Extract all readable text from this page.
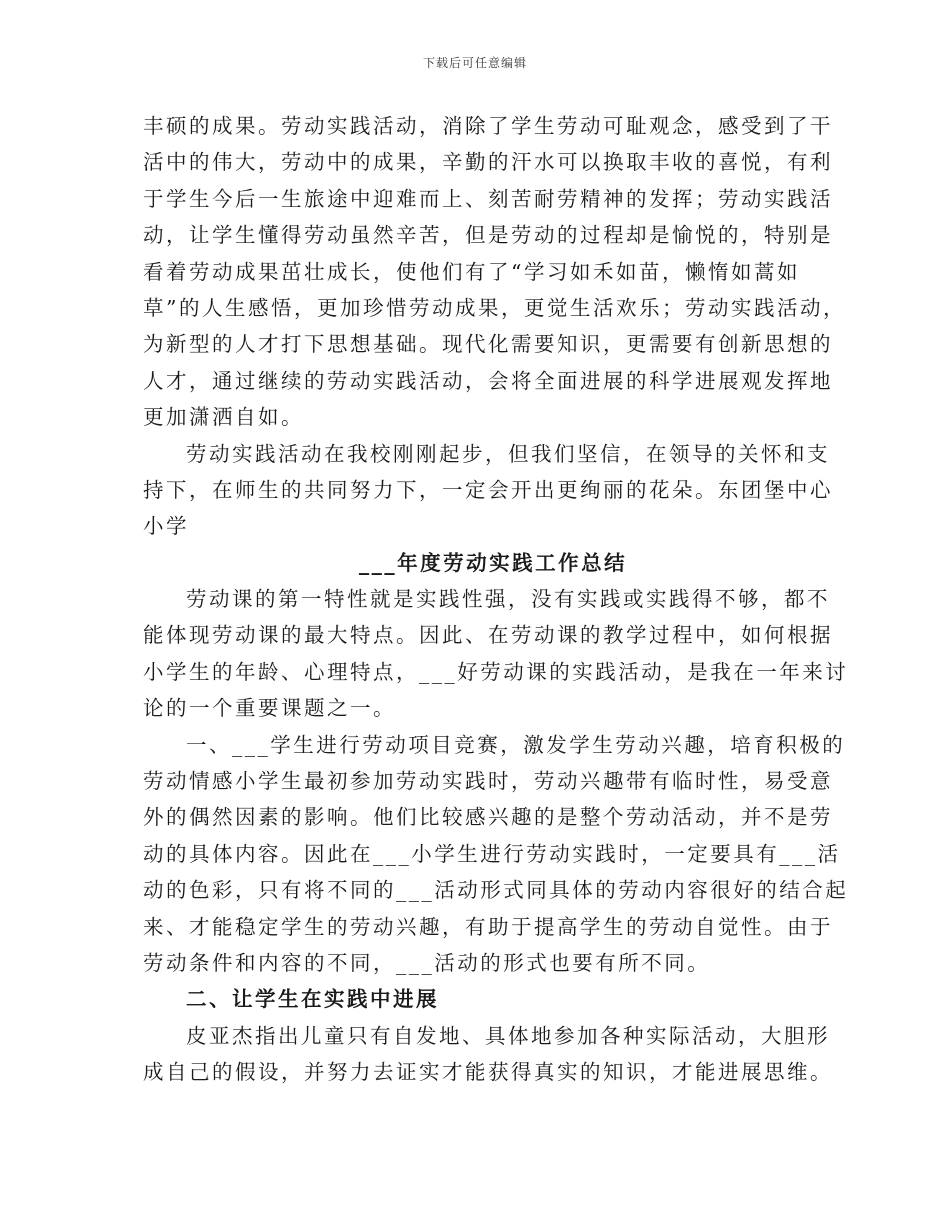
下载后可任意编辑

丰硕的成果。劳动实践活动，消除了学生劳动可耻观念，感受到了干

活中的伟大，劳动中的成果，辛勤的汗水可以换取丰收的喜悦，有利

于学生今后一生旅途中迎难而上、刻苦耐劳精神的发挥；劳动实践活

动，让学生懂得劳动虽然辛苦，但是劳动的过程却是愉悦的，特别是

看着劳动成果茁壮成长，使他们有了“学习如禾如苗，懒惰如蒿如

草”的人生感悟，更加珍惜劳动成果，更觉生活欢乐；劳动实践活动，

为新型的人才打下思想基础。现代化需要知识，更需要有创新思想的

人才，通过继续的劳动实践活动，会将全面进展的科学进展观发挥地

更加潇洒自如。

劳动实践活动在我校刚刚起步，但我们坚信，在领导的关怀和支

持下，在师生的共同努力下，一定会开出更绚丽的花朵。东团堡中心

小学

___年度劳动实践工作总结

劳动课的第一特性就是实践性强，没有实践或实践得不够，都不

能体现劳动课的最大特点。因此、在劳动课的教学过程中，如何根据

小学生的年龄、心理特点，___好劳动课的实践活动，是我在一年来讨

论的一个重要课题之一。

一、___学生进行劳动项目竞赛，激发学生劳动兴趣，培育积极的

劳动情感小学生最初参加劳动实践时，劳动兴趣带有临时性，易受意

外的偶然因素的影响。他们比较感兴趣的是整个劳动活动，并不是劳

动的具体内容。因此在___小学生进行劳动实践时，一定要具有___活

动的色彩，只有将不同的___活动形式同具体的劳动内容很好的结合起

来、才能稳定学生的劳动兴趣，有助于提高学生的劳动自觉性。由于

劳动条件和内容的不同，___活动的形式也要有所不同。

二、让学生在实践中进展

皮亚杰指出儿童只有自发地、具体地参加各种实际活动，大胆形

成自己的假设，并努力去证实才能获得真实的知识，才能进展思维。
